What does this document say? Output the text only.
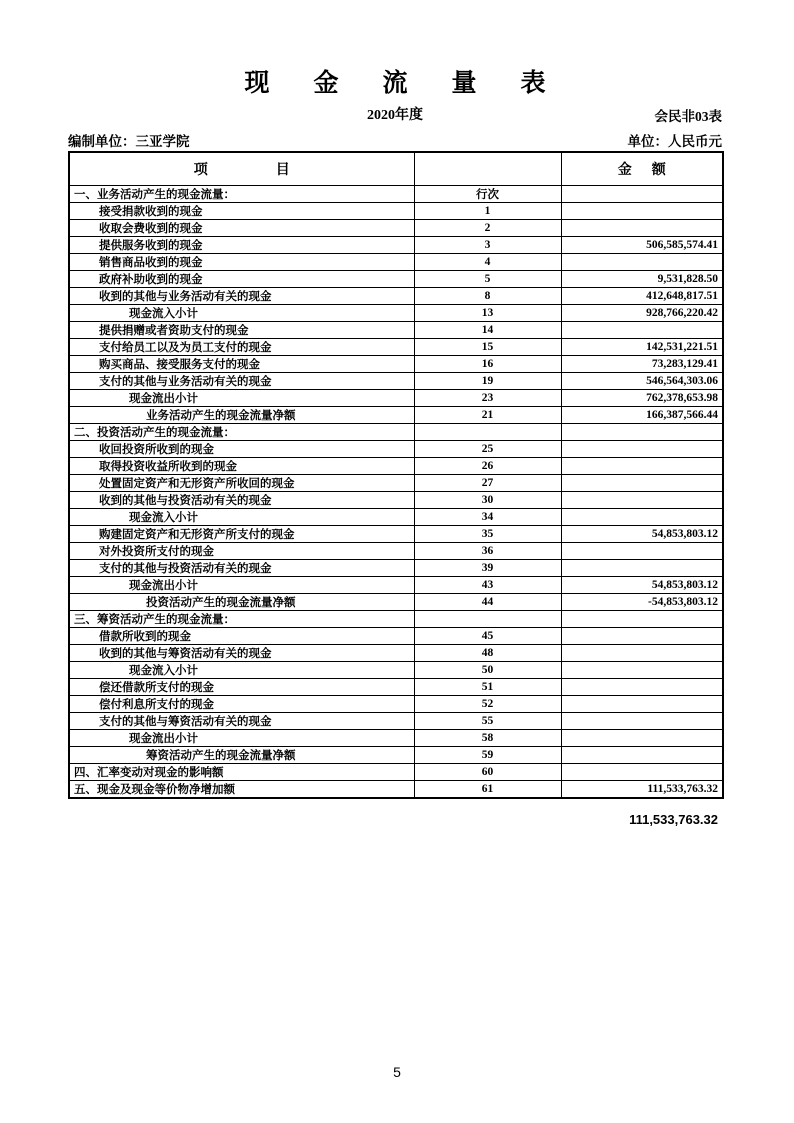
现金流量表
2020年度	会民非03表
编制单位：三亚学院	单位：人民币元
项 目		金 额

一、业务活动产生的现金流量：	行次	
接受捐款收到的现金	1	
收取会费收到的现金	2	
提供服务收到的现金	3	506,585,574.41
销售商品收到的现金	4	
政府补助收到的现金	5	9,531,828.50
收到的其他与业务活动有关的现金	8	412,648,817.51
现金流入小计	13	928,766,220.42
提供捐赠或者资助支付的现金	14	
支付给员工以及为员工支付的现金	15	142,531,221.51
购买商品、接受服务支付的现金	16	73,283,129.41
支付的其他与业务活动有关的现金	19	546,564,303.06
现金流出小计	23	762,378,653.98
业务活动产生的现金流量净额	21	166,387,566.44
二、投资活动产生的现金流量：		
收回投资所收到的现金	25	
取得投资收益所收到的现金	26	
处置固定资产和无形资产所收回的现金	27	
收到的其他与投资活动有关的现金	30	
现金流入小计	34	
购建固定资产和无形资产所支付的现金	35	54,853,803.12
对外投资所支付的现金	36	
支付的其他与投资活动有关的现金	39	
现金流出小计	43	54,853,803.12
投资活动产生的现金流量净额	44	-54,853,803.12
三、筹资活动产生的现金流量：		
借款所收到的现金	45	
收到的其他与筹资活动有关的现金	48	
现金流入小计	50	
偿还借款所支付的现金	51	
偿付利息所支付的现金	52	
支付的其他与筹资活动有关的现金	55	
现金流出小计	58	
筹资活动产生的现金流量净额	59	
四、汇率变动对现金的影响额	60	
五、现金及现金等价物净增加额	61	111,533,763.32
111,533,763.32
5
